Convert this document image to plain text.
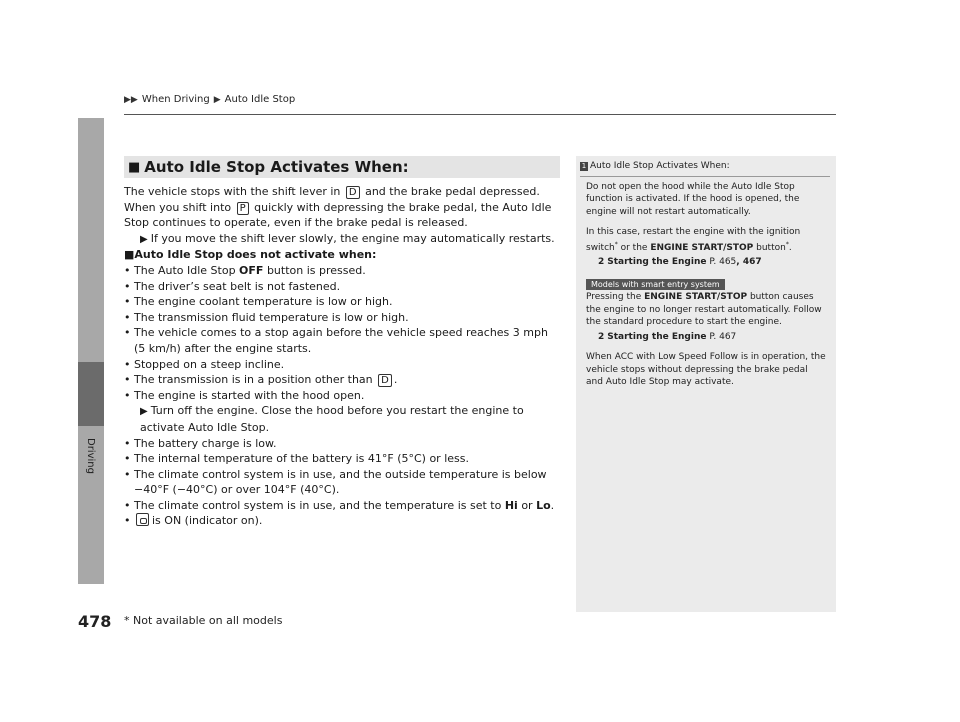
Driving
▶▶ When Driving ▶ Auto Idle Stop
■ Auto Idle Stop Activates When:

The vehicle stops with the shift lever in D and the brake pedal depressed.

When you shift into P quickly with depressing the brake pedal, the Auto Idle Stop continues to operate, even if the brake pedal is released.

▶ If you move the shift lever slowly, the engine may automatically restarts.

■Auto Idle Stop does not activate when:

• The Auto Idle Stop OFF button is pressed.
• The driver’s seat belt is not fastened.
• The engine coolant temperature is low or high.
• The transmission fluid temperature is low or high.
• The vehicle comes to a stop again before the vehicle speed reaches 3 mph (5 km/h) after the engine starts.
• Stopped on a steep incline.
• The transmission is in a position other than D .
• The engine is started with the hood open.
▶ Turn off the engine. Close the hood before you restart the engine to activate Auto Idle Stop.
• The battery charge is low.
• The internal temperature of the battery is 41°F (5°C) or less.
• The climate control system is in use, and the outside temperature is below −40°F (−40°C) or over 104°F (40°C).
• The climate control system is in use, and the temperature is set to Hi or Lo.
• is ON (indicator on).
1 Auto Idle Stop Activates When:

Do not open the hood while the Auto Idle Stop function is activated. If the hood is opened, the engine will not restart automatically.

In this case, restart the engine with the ignition switch* or the ENGINE START/STOP button*.

2 Starting the Engine P. 465, 467

Models with smart entry system

Pressing the ENGINE START/STOP button causes the engine to no longer restart automatically. Follow the standard procedure to start the engine.

2 Starting the Engine P. 467

When ACC with Low Speed Follow is in operation, the vehicle stops without depressing the brake pedal and Auto Idle Stop may activate.

478 * Not available on all models
